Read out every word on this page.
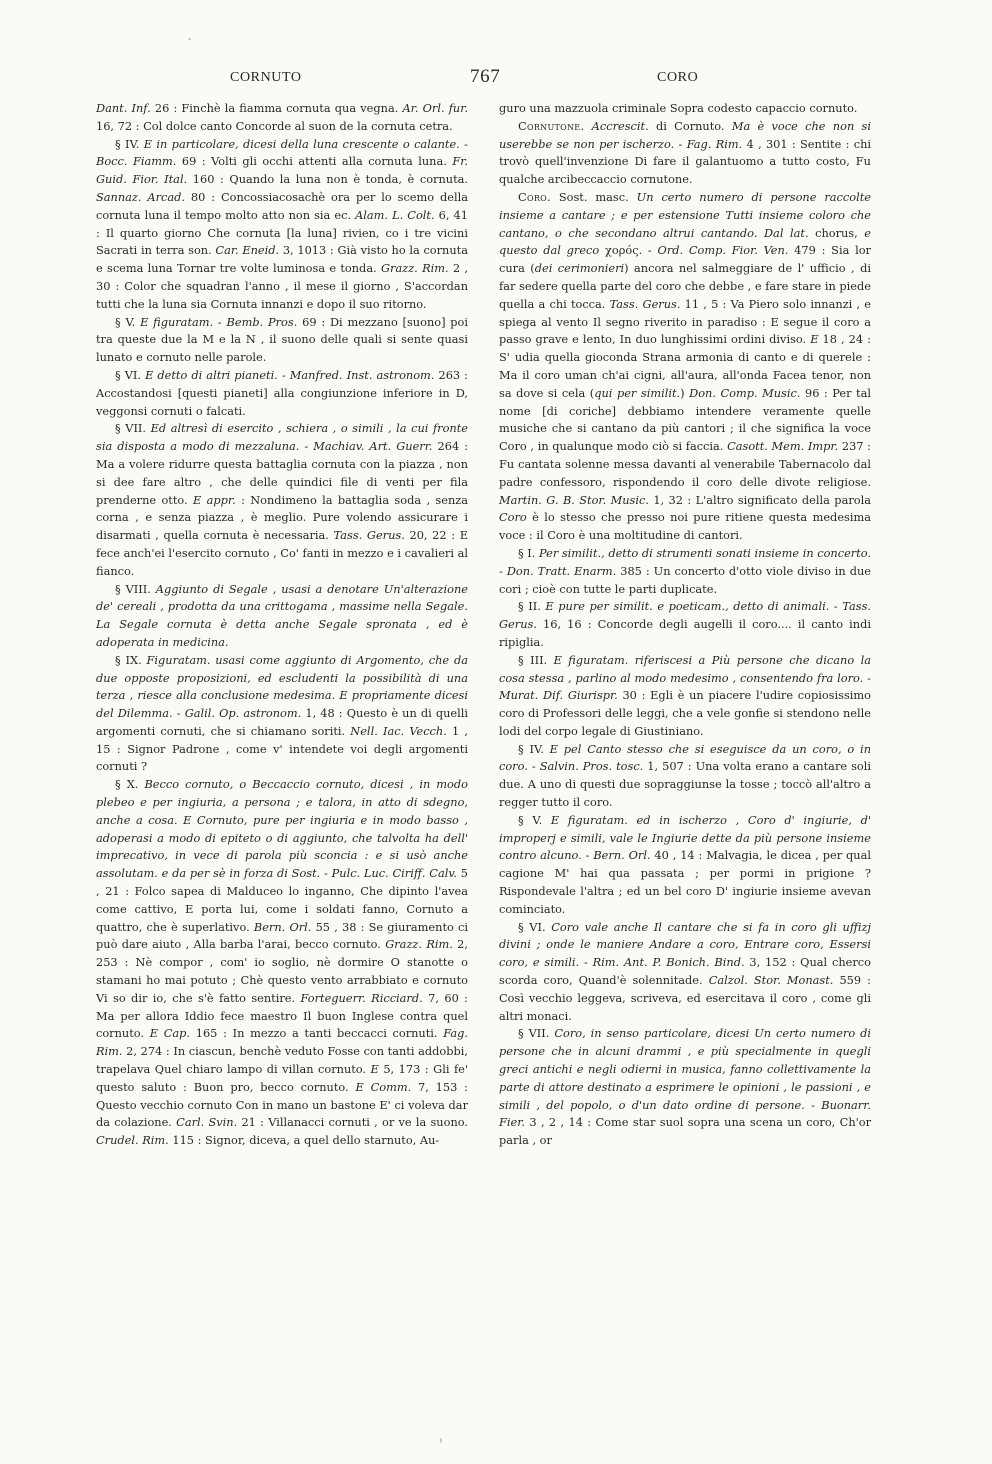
CORNUTO	767	CORO

Dant. Inf. 26 : Finchè la fiamma cornuta qua vegna. Ar. Orl. fur. 16, 72 : Col dolce canto Concorde al suon de la cornuta cetra.

§ IV. E in particolare, dicesi della luna crescente o calante. - Bocc. Fiamm. 69 : Volti gli occhi attenti alla cornuta luna. Fr. Guid. Fior. Ital. 160 : Quando la luna non è tonda, è cornuta. Sannaz. Arcad. 80 : Concossiacosachè ora per lo scemo della cornuta luna il tempo molto atto non sia ec. Alam. L. Colt. 6, 41 : Il quarto giorno Che cornuta [la luna] rivien, co i tre vicini Sacrati in terra son. Car. Eneid. 3, 1013 : Già visto ho la cornuta e scema luna Tornar tre volte luminosa e tonda. Grazz. Rim. 2 , 30 : Color che squadran l'anno , il mese il giorno , S'accordan tutti che la luna sia Cornuta innanzi e dopo il suo ritorno.

§ V. E figuratam. - Bemb. Pros. 69 : Di mezzano [suono] poi tra queste due la M e la N , il suono delle quali si sente quasi lunato e cornuto nelle parole.

§ VI. E detto di altri pianeti. - Manfred. Inst. astronom. 263 : Accostandosi [questi pianeti] alla congiunzione inferiore in D, veggonsi cornuti o falcati.

§ VII. Ed altresì di esercito , schiera , o simili , la cui fronte sia disposta a modo di mezzaluna. - Machiav. Art. Guerr. 264 : Ma a volere ridurre questa battaglia cornuta con la piazza , non si dee fare altro , che delle quindici file di venti per fila prenderne otto. E appr. : Nondimeno la battaglia soda , senza corna , e senza piazza , è meglio. Pure volendo assicurare i disarmati , quella cornuta è necessaria. Tass. Gerus. 20, 22 : E fece anch'ei l'esercito cornuto , Co' fanti in mezzo e i cavalieri al fianco.

§ VIII. Aggiunto di Segale , usasi a denotare Un'alterazione de' cereali , prodotta da una crittogama , massime nella Segale. La Segale cornuta è detta anche Segale spronata , ed è adoperata in medicina.

§ IX. Figuratam. usasi come aggiunto di Argomento, che da due opposte proposizioni, ed escludenti la possibilità di una terza , riesce alla conclusione medesima. E propriamente dicesi del Dilemma. - Galil. Op. astronom. 1, 48 : Questo è un di quelli argomenti cornuti, che si chiamano soriti. Nell. Iac. Vecch. 1 , 15 : Signor Padrone , come v' intendete voi degli argomenti cornuti ?

§ X. Becco cornuto, o Beccaccio cornuto, dicesi , in modo plebeo e per ingiuria, a persona ; e talora, in atto di sdegno, anche a cosa. E Cornuto, pure per ingiuria e in modo basso , adoperasi a modo di epiteto o di aggiunto, che talvolta ha dell' imprecativo, in vece di parola più sconcia : e si usò anche assolutam. e da per sè in forza di Sost. - Pulc. Luc. Ciriff. Calv. 5 , 21 : Folco sapea di Malduceo lo inganno, Che dipinto l'avea come cattivo, E porta lui, come i soldati fanno, Cornuto a quattro, che è superlativo. Bern. Orl. 55 , 38 : Se giuramento ci può dare aiuto , Alla barba l'arai, becco cornuto. Grazz. Rim. 2, 253 : Nè compor , com' io soglio, nè dormire O stanotte o stamani ho mai potuto ; Chè questo vento arrabbiato e cornuto Vi so dir io, che s'è fatto sentire. Forteguerr. Ricciard. 7, 60 : Ma per allora Iddio fece maestro Il buon Inglese contra quel cornuto. E Cap. 165 : In mezzo a tanti beccacci cornuti. Fag. Rim. 2, 274 : In ciascun, benchè veduto Fosse con tanti addobbi, trapelava Quel chiaro lampo di villan cornuto. E 5, 173 : Gli fe' questo saluto : Buon pro, becco cornuto. E Comm. 7, 153 : Questo vecchio cornuto Con in mano un bastone E' ci voleva dar da colazione. Carl. Svin. 21 : Villanacci cornuti , or ve la suono. Crudel. Rim. 115 : Signor, diceva, a quel dello starnuto, Au-

guro una mazzuola criminale Sopra codesto capaccio cornuto.

Cornutone. Accrescit. di Cornuto. Ma è voce che non si userebbe se non per ischerzo. - Fag. Rim. 4 , 301 : Sentite : chi trovò quell'invenzione Di fare il galantuomo a tutto costo, Fu qualche arcibeccaccio cornutone.

Coro. Sost. masc. Un certo numero di persone raccolte insieme a cantare ; e per estensione Tutti insieme coloro che cantano, o che secondano altrui cantando. Dal lat. chorus, e questo dal greco χορός. - Ord. Comp. Fior. Ven. 479 : Sia lor cura (dei cerimonieri) ancora nel salmeggiare de l' ufficio , di far sedere quella parte del coro che debbe , e fare stare in piede quella a chi tocca. Tass. Gerus. 11 , 5 : Va Piero solo innanzi , e spiega al vento Il segno riverito in paradiso : E segue il coro a passo grave e lento, In duo lunghissimi ordini diviso. E 18 , 24 : S' udia quella gioconda Strana armonia di canto e di querele : Ma il coro uman ch'ai cigni, all'aura, all'onda Facea tenor, non sa dove si cela (qui per similit.) Don. Comp. Music. 96 : Per tal nome [di coriche] debbiamo intendere veramente quelle musiche che si cantano da più cantori ; il che significa la voce Coro , in qualunque modo ciò si faccia. Casott. Mem. Impr. 237 : Fu cantata solenne messa davanti al venerabile Tabernacolo dal padre confessoro, rispondendo il coro delle divote religiose. Martin. G. B. Stor. Music. 1, 32 : L'altro significato della parola Coro è lo stesso che presso noi pure ritiene questa medesima voce : il Coro è una moltitudine di cantori.

§ I. Per similit., detto di strumenti sonati insieme in concerto. - Don. Tratt. Enarm. 385 : Un concerto d'otto viole diviso in due cori ; cioè con tutte le parti duplicate.

§ II. E pure per similit. e poeticam., detto di animali. - Tass. Gerus. 16, 16 : Concorde degli augelli il coro.... il canto indi ripiglia.

§ III. E figuratam. riferiscesi a Più persone che dicano la cosa stessa , parlino al modo medesimo , consentendo fra loro. - Murat. Dif. Giurispr. 30 : Egli è un piacere l'udire copiosissimo coro di Professori delle leggi, che a vele gonfie si stendono nelle lodi del corpo legale di Giustiniano.

§ IV. E pel Canto stesso che si eseguisce da un coro, o in coro. - Salvin. Pros. tosc. 1, 507 : Una volta erano a cantare soli due. A uno di questi due sopraggiunse la tosse ; toccò all'altro a regger tutto il coro.

§ V. E figuratam. ed in ischerzo , Coro d' ingiurie, d' improperj e simili, vale le Ingiurie dette da più persone insieme contro alcuno. - Bern. Orl. 40 , 14 : Malvagia, le dicea , per qual cagione M' hai qua passata ; per pormi in prigione ? Rispondevale l'altra ; ed un bel coro D' ingiurie insieme avevan cominciato.

§ VI. Coro vale anche Il cantare che si fa in coro gli uffizj divini ; onde le maniere Andare a coro, Entrare coro, Essersi coro, e simili. - Rim. Ant. P. Bonich. Bind. 3, 152 : Qual cherco scorda coro, Quand'è solennitade. Calzol. Stor. Monast. 559 : Così vecchio leggeva, scriveva, ed esercitava il coro , come gli altri monaci.

§ VII. Coro, in senso particolare, dicesi Un certo numero di persone che in alcuni drammi , e più specialmente in quegli greci antichi e negli odierni in musica, fanno collettivamente la parte di attore destinato a esprimere le opinioni , le passioni , e simili , del popolo, o d'un dato ordine di persone. - Buonarr. Fier. 3 , 2 , 14 : Come star suol sopra una scena un coro, Ch'or parla , or
